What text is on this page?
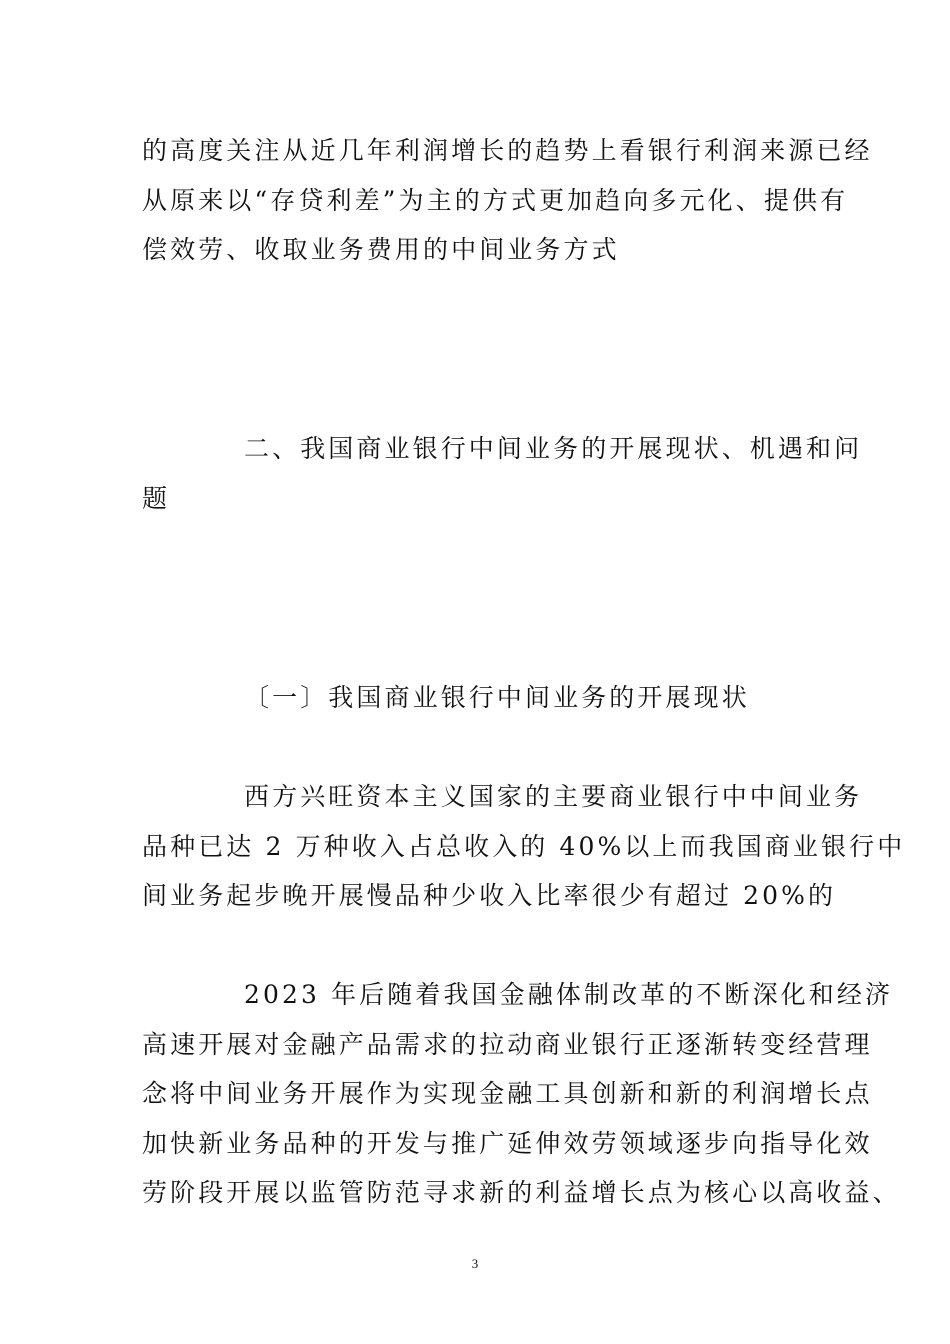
的高度关注从近几年利润增长的趋势上看银行利润来源已经
从原来以“存贷利差”为主的方式更加趋向多元化、提供有
偿效劳、收取业务费用的中间业务方式
二、我国商业银行中间业务的开展现状、机遇和问
题
〔一〕我国商业银行中间业务的开展现状
西方兴旺资本主义国家的主要商业银行中中间业务
品种已达 2 万种收入占总收入的 40%以上而我国商业银行中
间业务起步晚开展慢品种少收入比率很少有超过 20%的
2023 年后随着我国金融体制改革的不断深化和经济
高速开展对金融产品需求的拉动商业银行正逐渐转变经营理
念将中间业务开展作为实现金融工具创新和新的利润增长点
加快新业务品种的开发与推广延伸效劳领域逐步向指导化效
劳阶段开展以监管防范寻求新的利益增长点为核心以高收益、
3
